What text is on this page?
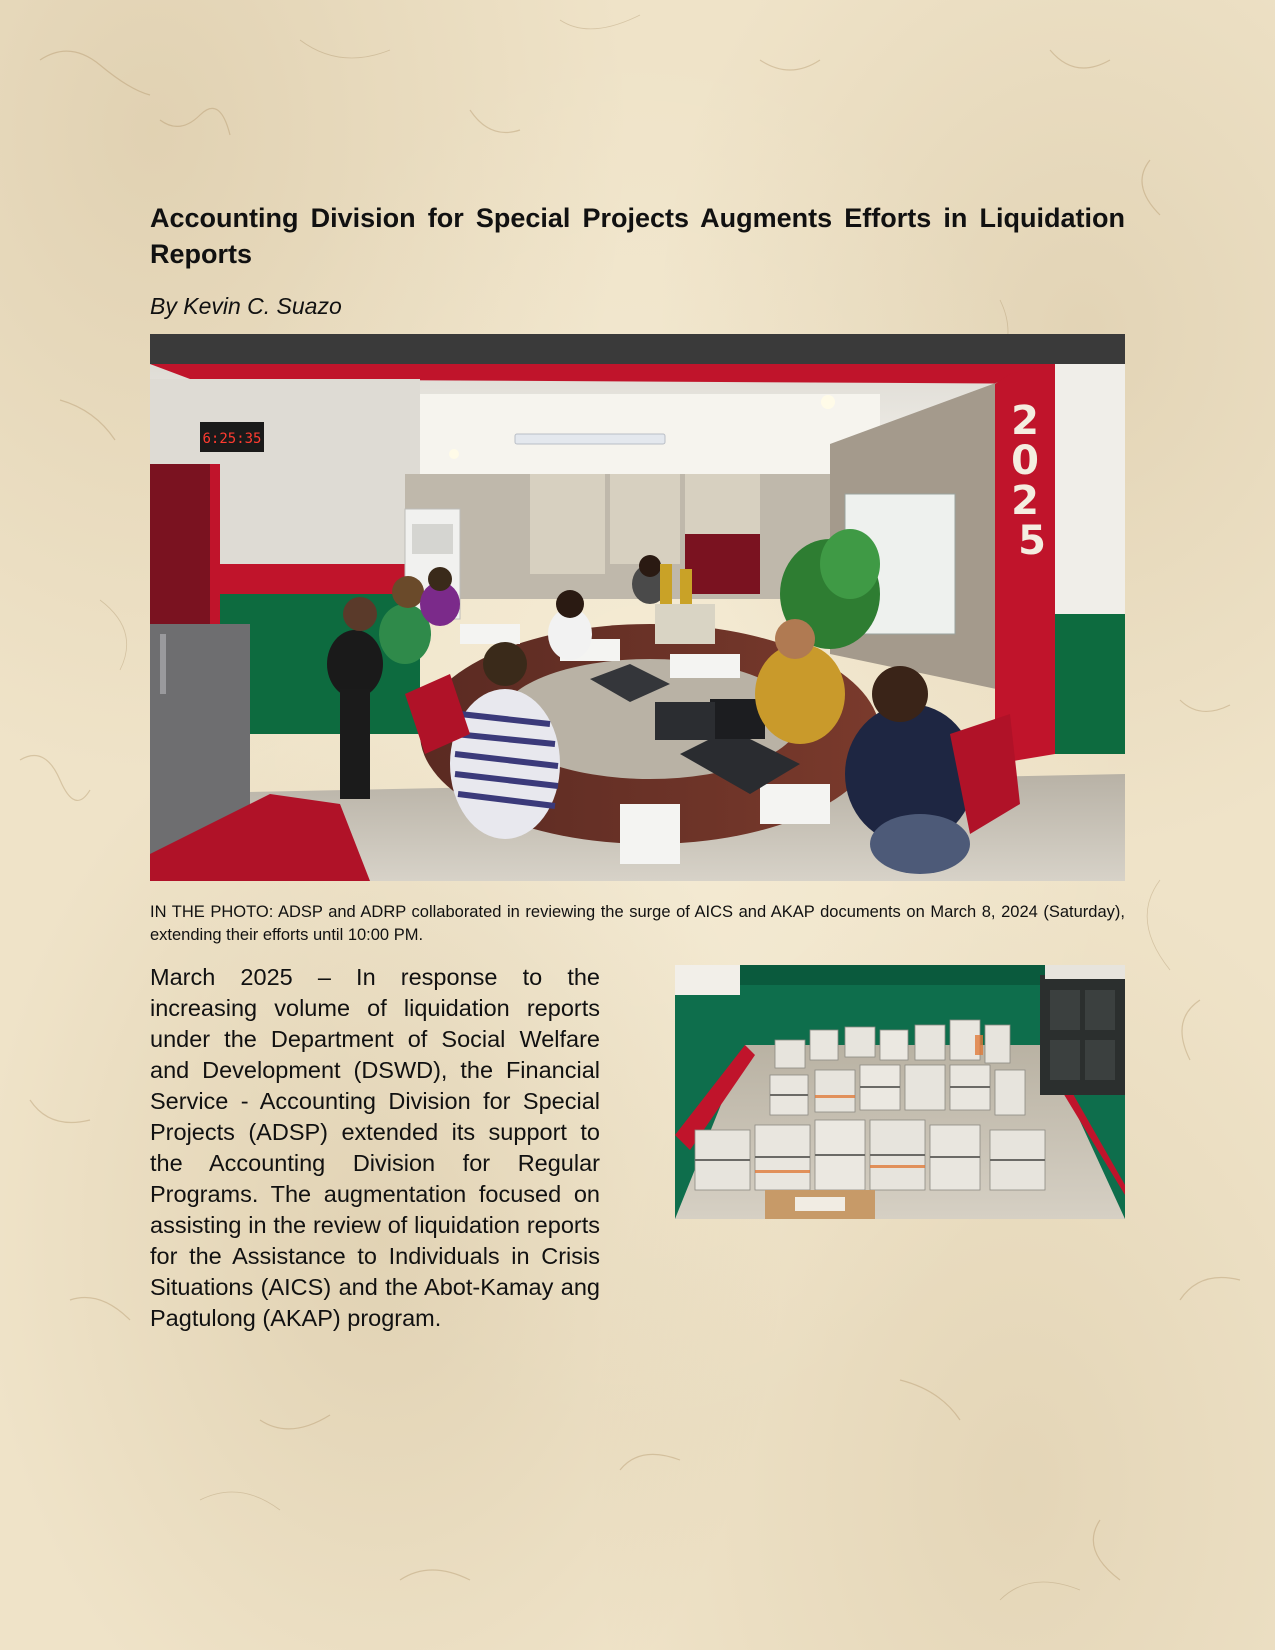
Accounting Division for Special Projects Augments Efforts in Liquidation Reports
By Kevin C. Suazo
6:25:35	2 0 2 5
IN THE PHOTO: ADSP and ADRP collaborated in reviewing the surge of AICS and AKAP documents on March 8, 2024 (Saturday), extending their efforts until 10:00 PM.
March 2025 – In response to the increasing volume of liquidation reports under the Department of Social Welfare and Development (DSWD), the Financial Service - Accounting Division for Special Projects (ADSP) extended its support to the Accounting Division for Regular Programs. The augmentation focused on assisting in the review of liquidation reports for the Assistance to Individuals in Crisis Situations (AICS) and the Abot-Kamay ang Pagtulong (AKAP) program.
